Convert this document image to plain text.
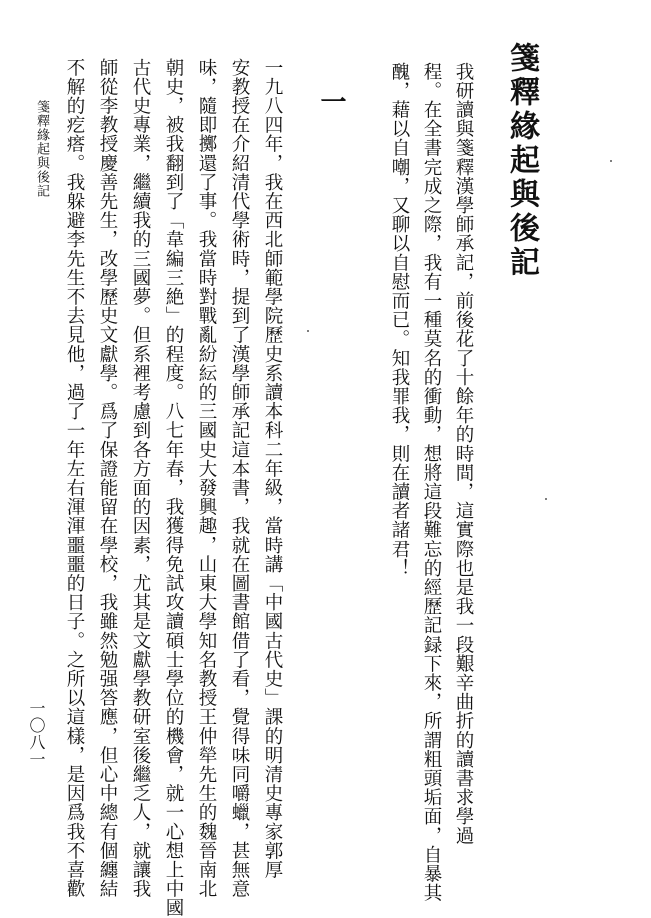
箋釋緣起與後記
我研讀與箋釋漢學師承記，前後花了十餘年的時間，這實際也是我一段艱辛曲折的讀書求學過
程。在全書完成之際，我有一種莫名的衝動，想將這段難忘的經歷記録下來，所謂粗頭垢面，自暴其
醜，藉以自嘲，又聊以自慰而已。知我罪我，則在讀者諸君！
一
一九八四年，我在西北師範學院歷史系讀本科二年級，當時講「中國古代史」課的明清史專家郭厚
安教授在介紹清代學術時，提到了漢學師承記這本書，我就在圖書館借了看，覺得味同嚼蠟，甚無意
味，隨即擲還了事。我當時對戰亂紛紜的三國史大發興趣，山東大學知名教授王仲犖先生的魏晉南北
朝史，被我翻到了「韋編三絶」的程度。八七年春，我獲得免試攻讀碩士學位的機會，就一心想上中國
古代史專業，繼續我的三國夢。但系裡考慮到各方面的因素，尤其是文獻學教研室後繼乏人，就讓我
師從李教授慶善先生，改學歷史文獻學。爲了保證能留在學校，我雖然勉强答應，但心中總有個纏結
不解的疙瘩。我躲避李先生不去見他，過了一年左右渾渾噩噩的日子。之所以這樣，是因爲我不喜歡
箋釋緣起與後記
一〇八一
